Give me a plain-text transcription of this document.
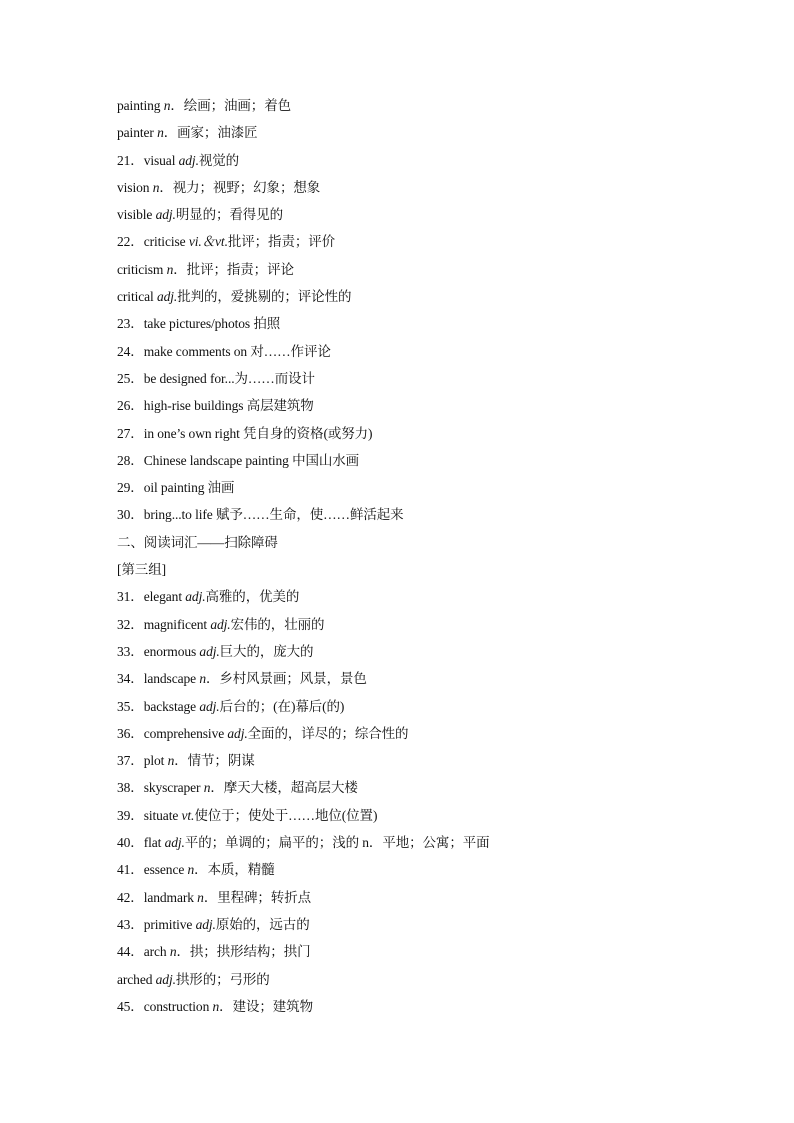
painting n．绘画；油画；着色
painter n．画家；油漆匠
21．visual adj.视觉的
vision n．视力；视野；幻象；想象
visible adj.明显的；看得见的
22．criticise vi.＆vt.批评；指责；评价
criticism n．批评；指责；评论
critical adj.批判的，爱挑剔的；评论性的
23．take pictures/photos 拍照
24．make comments on 对……作评论
25．be designed for...为……而设计
26．high-rise buildings 高层建筑物
27．in one’s own right 凭自身的资格(或努力)
28．Chinese landscape painting 中国山水画
29．oil painting 油画
30．bring...to life 赋予……生命，使……鲜活起来
二、阅读词汇——扫除障碍
[第三组]
31．elegant adj.高雅的，优美的
32．magnificent adj.宏伟的，壮丽的
33．enormous adj.巨大的，庞大的
34．landscape n．乡村风景画；风景，景色
35．backstage adj.后台的；(在)幕后(的)
36．comprehensive adj.全面的，详尽的；综合性的
37．plot n．情节；阴谋
38．skyscraper n．摩天大楼，超高层大楼
39．situate vt.使位于；使处于……地位(位置)
40．flat adj.平的；单调的；扁平的；浅的 n．平地；公寓；平面
41．essence n．本质，精髓
42．landmark n．里程碑；转折点
43．primitive adj.原始的，远古的
44．arch n．拱；拱形结构；拱门
arched adj.拱形的；弓形的
45．construction n．建设；建筑物
